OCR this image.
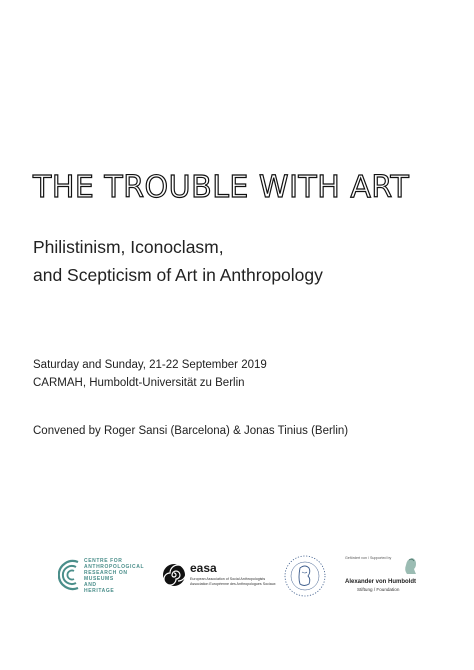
THE TROUBLE WITH ART
Philistinism, Iconoclasm,
and Scepticism of Art in Anthropology
Saturday and Sunday, 21-22 September 2019
CARMAH, Humboldt-Universität zu Berlin
Convened by Roger Sansi (Barcelona) & Jonas Tinius (Berlin)
CENTRE FOR
ANTHROPOLOGICAL
RESEARCH ON
MUSEUMS
AND
HERITAGE
easa
European Association of Social Anthropologists
Association Européenne des Anthropologues Sociaux
Gefördert von / Supported by
Alexander von Humboldt
Stiftung / Foundation
